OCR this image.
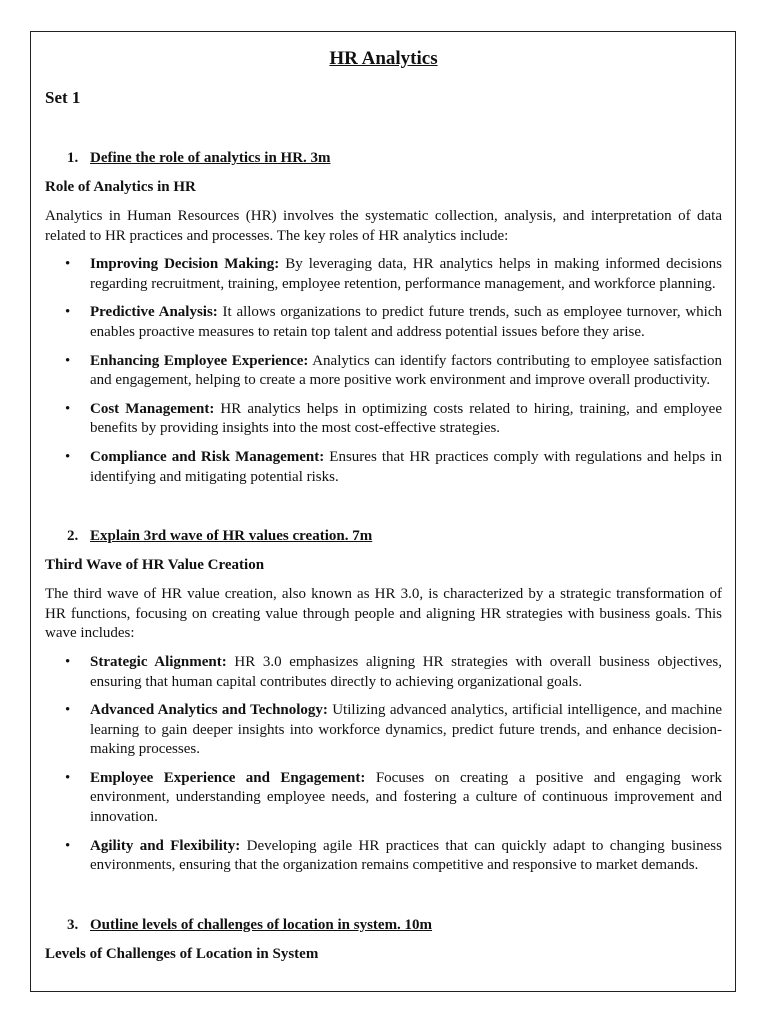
HR Analytics
Set 1
1. Define the role of analytics in HR. 3m
Role of Analytics in HR

Analytics in Human Resources (HR) involves the systematic collection, analysis, and interpretation of data related to HR practices and processes. The key roles of HR analytics include:

• Improving Decision Making: By leveraging data, HR analytics helps in making informed decisions regarding recruitment, training, employee retention, performance management, and workforce planning.
• Predictive Analysis: It allows organizations to predict future trends, such as employee turnover, which enables proactive measures to retain top talent and address potential issues before they arise.
• Enhancing Employee Experience: Analytics can identify factors contributing to employee satisfaction and engagement, helping to create a more positive work environment and improve overall productivity.
• Cost Management: HR analytics helps in optimizing costs related to hiring, training, and employee benefits by providing insights into the most cost-effective strategies.
• Compliance and Risk Management: Ensures that HR practices comply with regulations and helps in identifying and mitigating potential risks.
2. Explain 3rd wave of HR values creation. 7m
Third Wave of HR Value Creation

The third wave of HR value creation, also known as HR 3.0, is characterized by a strategic transformation of HR functions, focusing on creating value through people and aligning HR strategies with business goals. This wave includes:

• Strategic Alignment: HR 3.0 emphasizes aligning HR strategies with overall business objectives, ensuring that human capital contributes directly to achieving organizational goals.
• Advanced Analytics and Technology: Utilizing advanced analytics, artificial intelligence, and machine learning to gain deeper insights into workforce dynamics, predict future trends, and enhance decision-making processes.
• Employee Experience and Engagement: Focuses on creating a positive and engaging work environment, understanding employee needs, and fostering a culture of continuous improvement and innovation.
• Agility and Flexibility: Developing agile HR practices that can quickly adapt to changing business environments, ensuring that the organization remains competitive and responsive to market demands.
3. Outline levels of challenges of location in system. 10m
Levels of Challenges of Location in System
